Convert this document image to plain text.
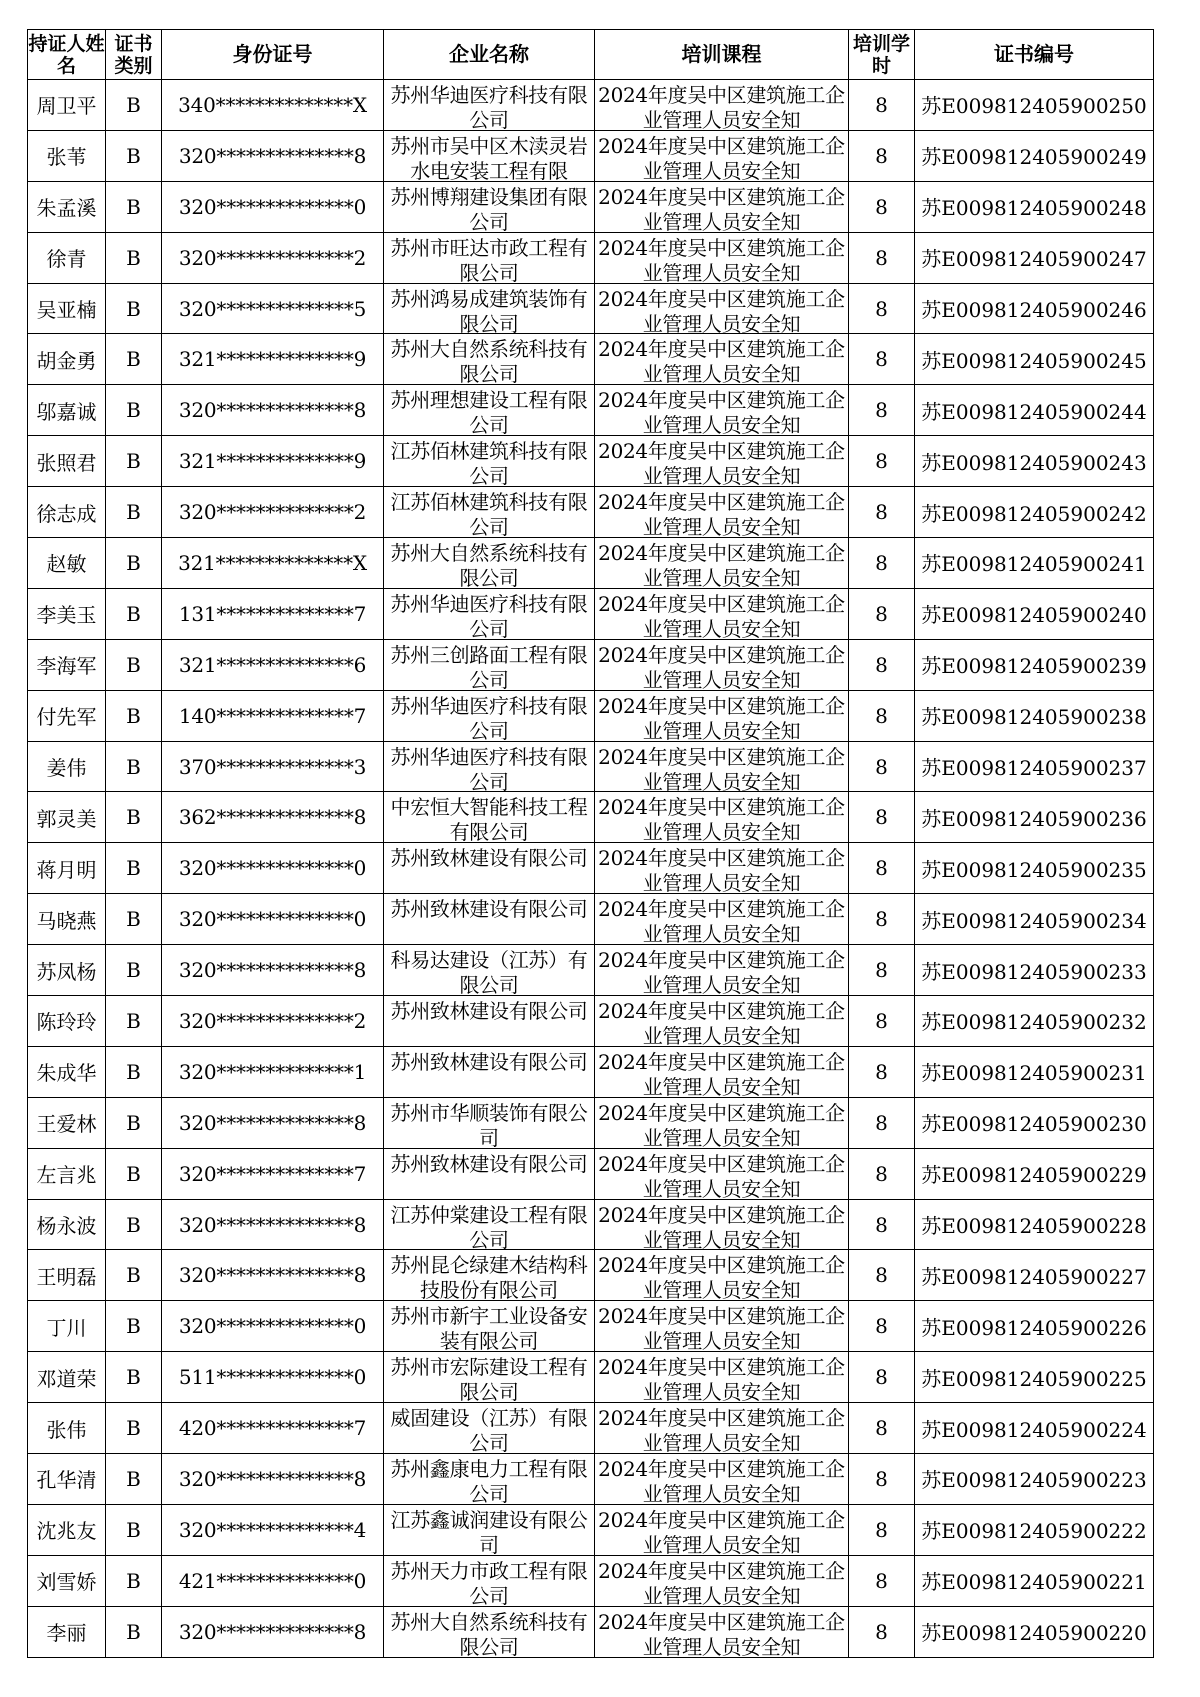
持证人姓名	证书类别	身份证号	企业名称	培训课程	培训学时	证书编号

周卫平	B	340**************X	苏州华迪医疗科技有限公司	2024年度吴中区建筑施工企业管理人员安全知	8	苏E009812405900250

张苇	B	320**************8	苏州市吴中区木渎灵岩水电安装工程有限	2024年度吴中区建筑施工企业管理人员安全知	8	苏E009812405900249

朱孟溪	B	320**************0	苏州博翔建设集团有限公司	2024年度吴中区建筑施工企业管理人员安全知	8	苏E009812405900248

徐青	B	320**************2	苏州市旺达市政工程有限公司	2024年度吴中区建筑施工企业管理人员安全知	8	苏E009812405900247

吴亚楠	B	320**************5	苏州鸿易成建筑装饰有限公司	2024年度吴中区建筑施工企业管理人员安全知	8	苏E009812405900246

胡金勇	B	321**************9	苏州大自然系统科技有限公司	2024年度吴中区建筑施工企业管理人员安全知	8	苏E009812405900245

邬嘉诚	B	320**************8	苏州理想建设工程有限公司	2024年度吴中区建筑施工企业管理人员安全知	8	苏E009812405900244

张照君	B	321**************9	江苏佰林建筑科技有限公司	2024年度吴中区建筑施工企业管理人员安全知	8	苏E009812405900243

徐志成	B	320**************2	江苏佰林建筑科技有限公司	2024年度吴中区建筑施工企业管理人员安全知	8	苏E009812405900242

赵敏	B	321**************X	苏州大自然系统科技有限公司	2024年度吴中区建筑施工企业管理人员安全知	8	苏E009812405900241

李美玉	B	131**************7	苏州华迪医疗科技有限公司	2024年度吴中区建筑施工企业管理人员安全知	8	苏E009812405900240

李海军	B	321**************6	苏州三创路面工程有限公司	2024年度吴中区建筑施工企业管理人员安全知	8	苏E009812405900239

付先军	B	140**************7	苏州华迪医疗科技有限公司	2024年度吴中区建筑施工企业管理人员安全知	8	苏E009812405900238

姜伟	B	370**************3	苏州华迪医疗科技有限公司	2024年度吴中区建筑施工企业管理人员安全知	8	苏E009812405900237

郭灵美	B	362**************8	中宏恒大智能科技工程有限公司	2024年度吴中区建筑施工企业管理人员安全知	8	苏E009812405900236

蒋月明	B	320**************0	苏州致林建设有限公司	2024年度吴中区建筑施工企业管理人员安全知	8	苏E009812405900235

马晓燕	B	320**************0	苏州致林建设有限公司	2024年度吴中区建筑施工企业管理人员安全知	8	苏E009812405900234

苏凤杨	B	320**************8	科易达建设（江苏）有限公司	2024年度吴中区建筑施工企业管理人员安全知	8	苏E009812405900233

陈玲玲	B	320**************2	苏州致林建设有限公司	2024年度吴中区建筑施工企业管理人员安全知	8	苏E009812405900232

朱成华	B	320**************1	苏州致林建设有限公司	2024年度吴中区建筑施工企业管理人员安全知	8	苏E009812405900231

王爱林	B	320**************8	苏州市华顺装饰有限公司	2024年度吴中区建筑施工企业管理人员安全知	8	苏E009812405900230

左言兆	B	320**************7	苏州致林建设有限公司	2024年度吴中区建筑施工企业管理人员安全知	8	苏E009812405900229

杨永波	B	320**************8	江苏仲棠建设工程有限公司	2024年度吴中区建筑施工企业管理人员安全知	8	苏E009812405900228

王明磊	B	320**************8	苏州昆仑绿建木结构科技股份有限公司	2024年度吴中区建筑施工企业管理人员安全知	8	苏E009812405900227

丁川	B	320**************0	苏州市新宇工业设备安装有限公司	2024年度吴中区建筑施工企业管理人员安全知	8	苏E009812405900226

邓道荣	B	511**************0	苏州市宏际建设工程有限公司	2024年度吴中区建筑施工企业管理人员安全知	8	苏E009812405900225

张伟	B	420**************7	威固建设（江苏）有限公司	2024年度吴中区建筑施工企业管理人员安全知	8	苏E009812405900224

孔华清	B	320**************8	苏州鑫康电力工程有限公司	2024年度吴中区建筑施工企业管理人员安全知	8	苏E009812405900223

沈兆友	B	320**************4	江苏鑫诚润建设有限公司	2024年度吴中区建筑施工企业管理人员安全知	8	苏E009812405900222

刘雪娇	B	421**************0	苏州天力市政工程有限公司	2024年度吴中区建筑施工企业管理人员安全知	8	苏E009812405900221

李丽	B	320**************8	苏州大自然系统科技有限公司	2024年度吴中区建筑施工企业管理人员安全知	8	苏E009812405900220
